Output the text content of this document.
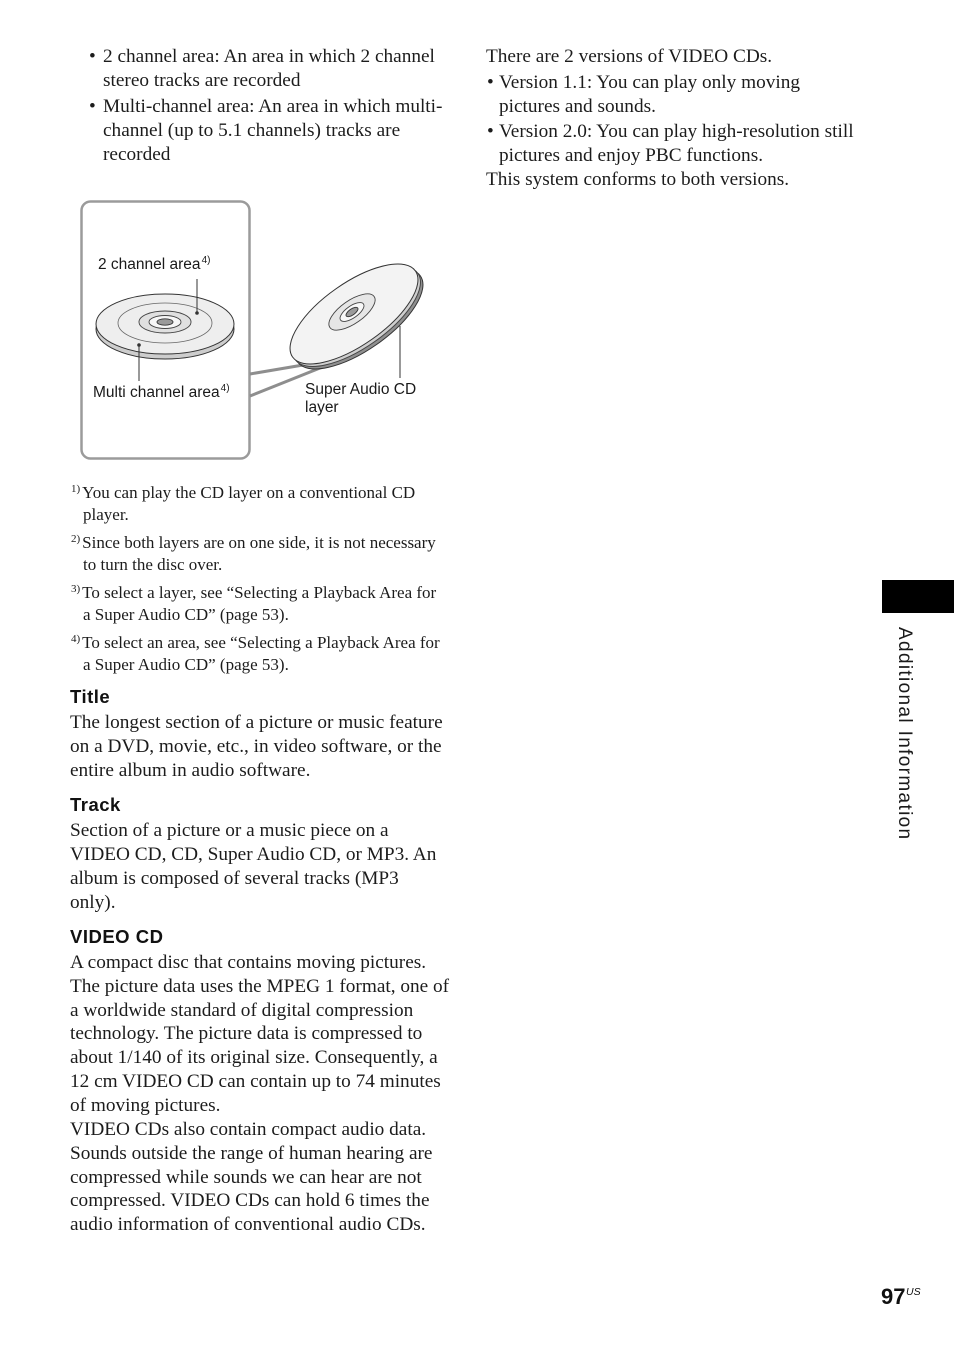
• 2 channel area: An area in which 2 channel
stereo tracks are recorded
• Multi-channel area: An area in which multi-
channel (up to 5.1 channels) tracks are
recorded
2 channel area$^{4)}$
Multi channel area$^{4)}$	Super Audio CD
layer
$^{1)}$ You can play the CD layer on a conventional CD
player.
$^{2)}$ Since both layers are on one side, it is not necessary
to turn the disc over.
$^{3)}$ To select a layer, see “Selecting a Playback Area for
a Super Audio CD” (page 53).
$^{4)}$ To select an area, see “Selecting a Playback Area for
a Super Audio CD” (page 53).
Title
The longest section of a picture or music feature
on a DVD, movie, etc., in video software, or the
entire album in audio software.
Track
Section of a picture or a music piece on a
VIDEO CD, CD, Super Audio CD, or MP3. An
album is composed of several tracks (MP3
only).
VIDEO CD
A compact disc that contains moving pictures.
The picture data uses the MPEG 1 format, one of
a worldwide standard of digital compression
technology. The picture data is compressed to
about 1/140 of its original size. Consequently, a
12 cm VIDEO CD can contain up to 74 minutes
of moving pictures.
VIDEO CDs also contain compact audio data.
Sounds outside the range of human hearing are
compressed while sounds we can hear are not
compressed. VIDEO CDs can hold 6 times the
audio information of conventional audio CDs.
There are 2 versions of VIDEO CDs.
• Version 1.1: You can play only moving
pictures and sounds.
• Version 2.0: You can play high-resolution still
pictures and enjoy PBC functions.
This system conforms to both versions.
Additional Information
97 US
